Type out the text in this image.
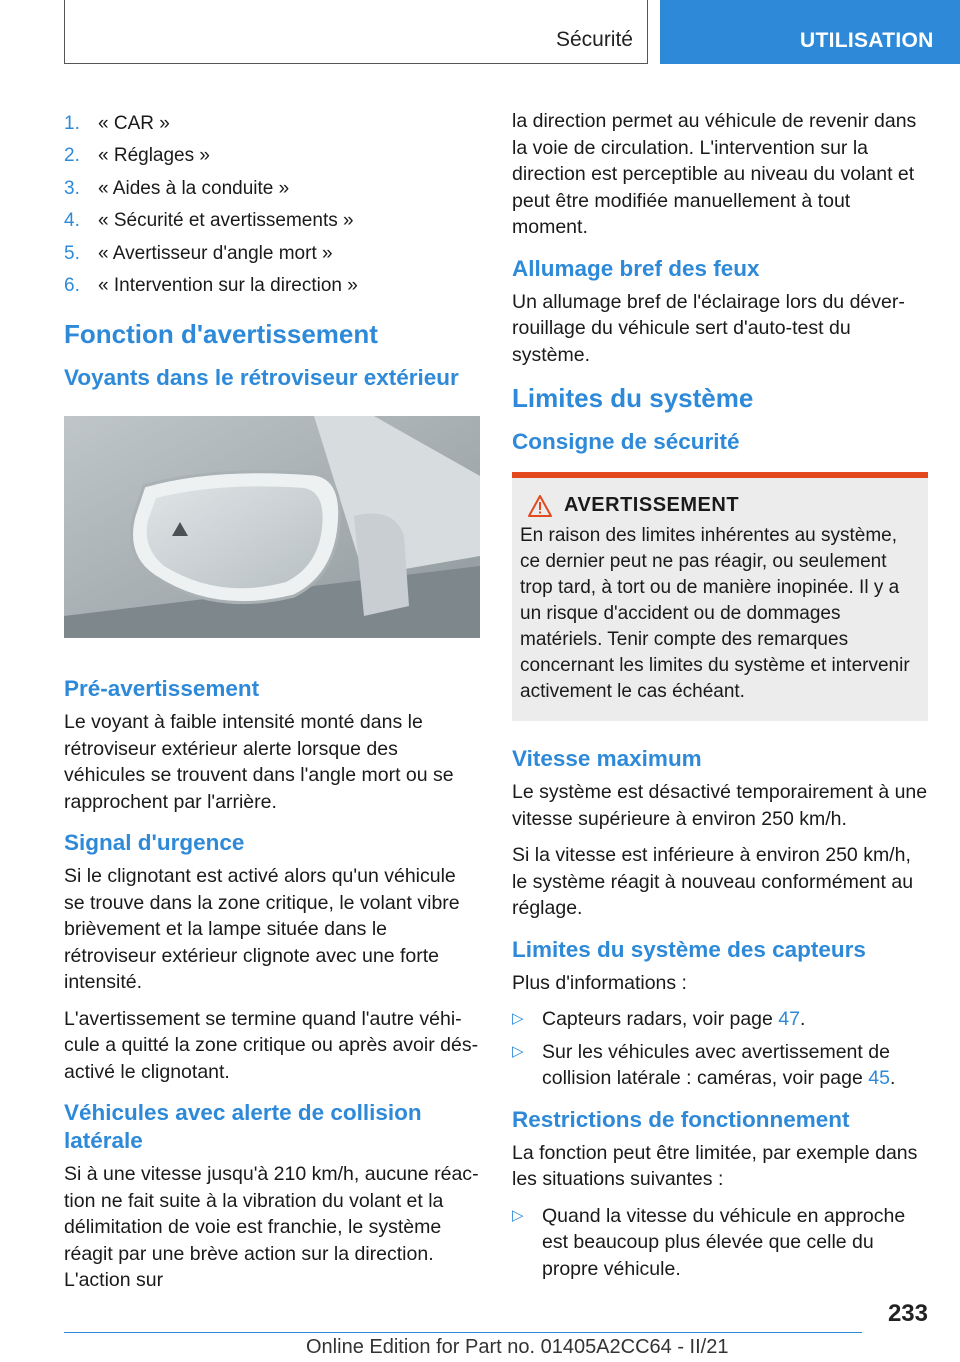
Sécurité	UTILISATION
1. « CAR »
2. « Réglages »
3. « Aides à la conduite »
4. « Sécurité et avertissements »
5. « Avertisseur d'angle mort »
6. « Intervention sur la direction »
Fonction d'avertissement
Voyants dans le rétroviseur extérieur
Pré-avertissement

Le voyant à faible intensité monté dans le rétroviseur extérieur alerte lorsque des véhicules se trouvent dans l'angle mort ou se rapprochent par l'arrière.

Signal d'urgence

Si le clignotant est activé alors qu'un véhicule se trouve dans la zone critique, le volant vibre brièvement et la lampe située dans le rétroviseur extérieur clignote avec une forte intensité.

L'avertissement se termine quand l'autre véhicule a quitté la zone critique ou après avoir désactivé le clignotant.

Véhicules avec alerte de collision latérale

Si à une vitesse jusqu'à 210 km/h, aucune réaction ne fait suite à la vibration du volant et la délimitation de voie est franchie, le système réagit par une brève action sur la direction. L'action sur

la direction permet au véhicule de revenir dans la voie de circulation. L'intervention sur la direction est perceptible au niveau du volant et peut être modifiée manuellement à tout moment.

Allumage bref des feux

Un allumage bref de l'éclairage lors du déverrouillage du véhicule sert d'auto-test du système.

Limites du système
Consigne de sécurité
AVERTISSEMENT

En raison des limites inhérentes au système, ce dernier peut ne pas réagir, ou seulement trop tard, à tort ou de manière inopinée. Il y a un risque d'accident ou de dommages matériels. Tenir compte des remarques concernant les limites du système et intervenir activement le cas échéant.

Vitesse maximum

Le système est désactivé temporairement à une vitesse supérieure à environ 250 km/h.

Si la vitesse est inférieure à environ 250 km/h, le système réagit à nouveau conformément au réglage.

Limites du système des capteurs

Plus d'informations :

▷ Capteurs radars, voir page 47.
▷ Sur les véhicules avec avertissement de collision latérale : caméras, voir page 45.
Restrictions de fonctionnement

La fonction peut être limitée, par exemple dans les situations suivantes :

▷ Quand la vitesse du véhicule en approche est beaucoup plus élevée que celle du propre véhicule.
233
Online Edition for Part no. 01405A2CC64 - II/21
